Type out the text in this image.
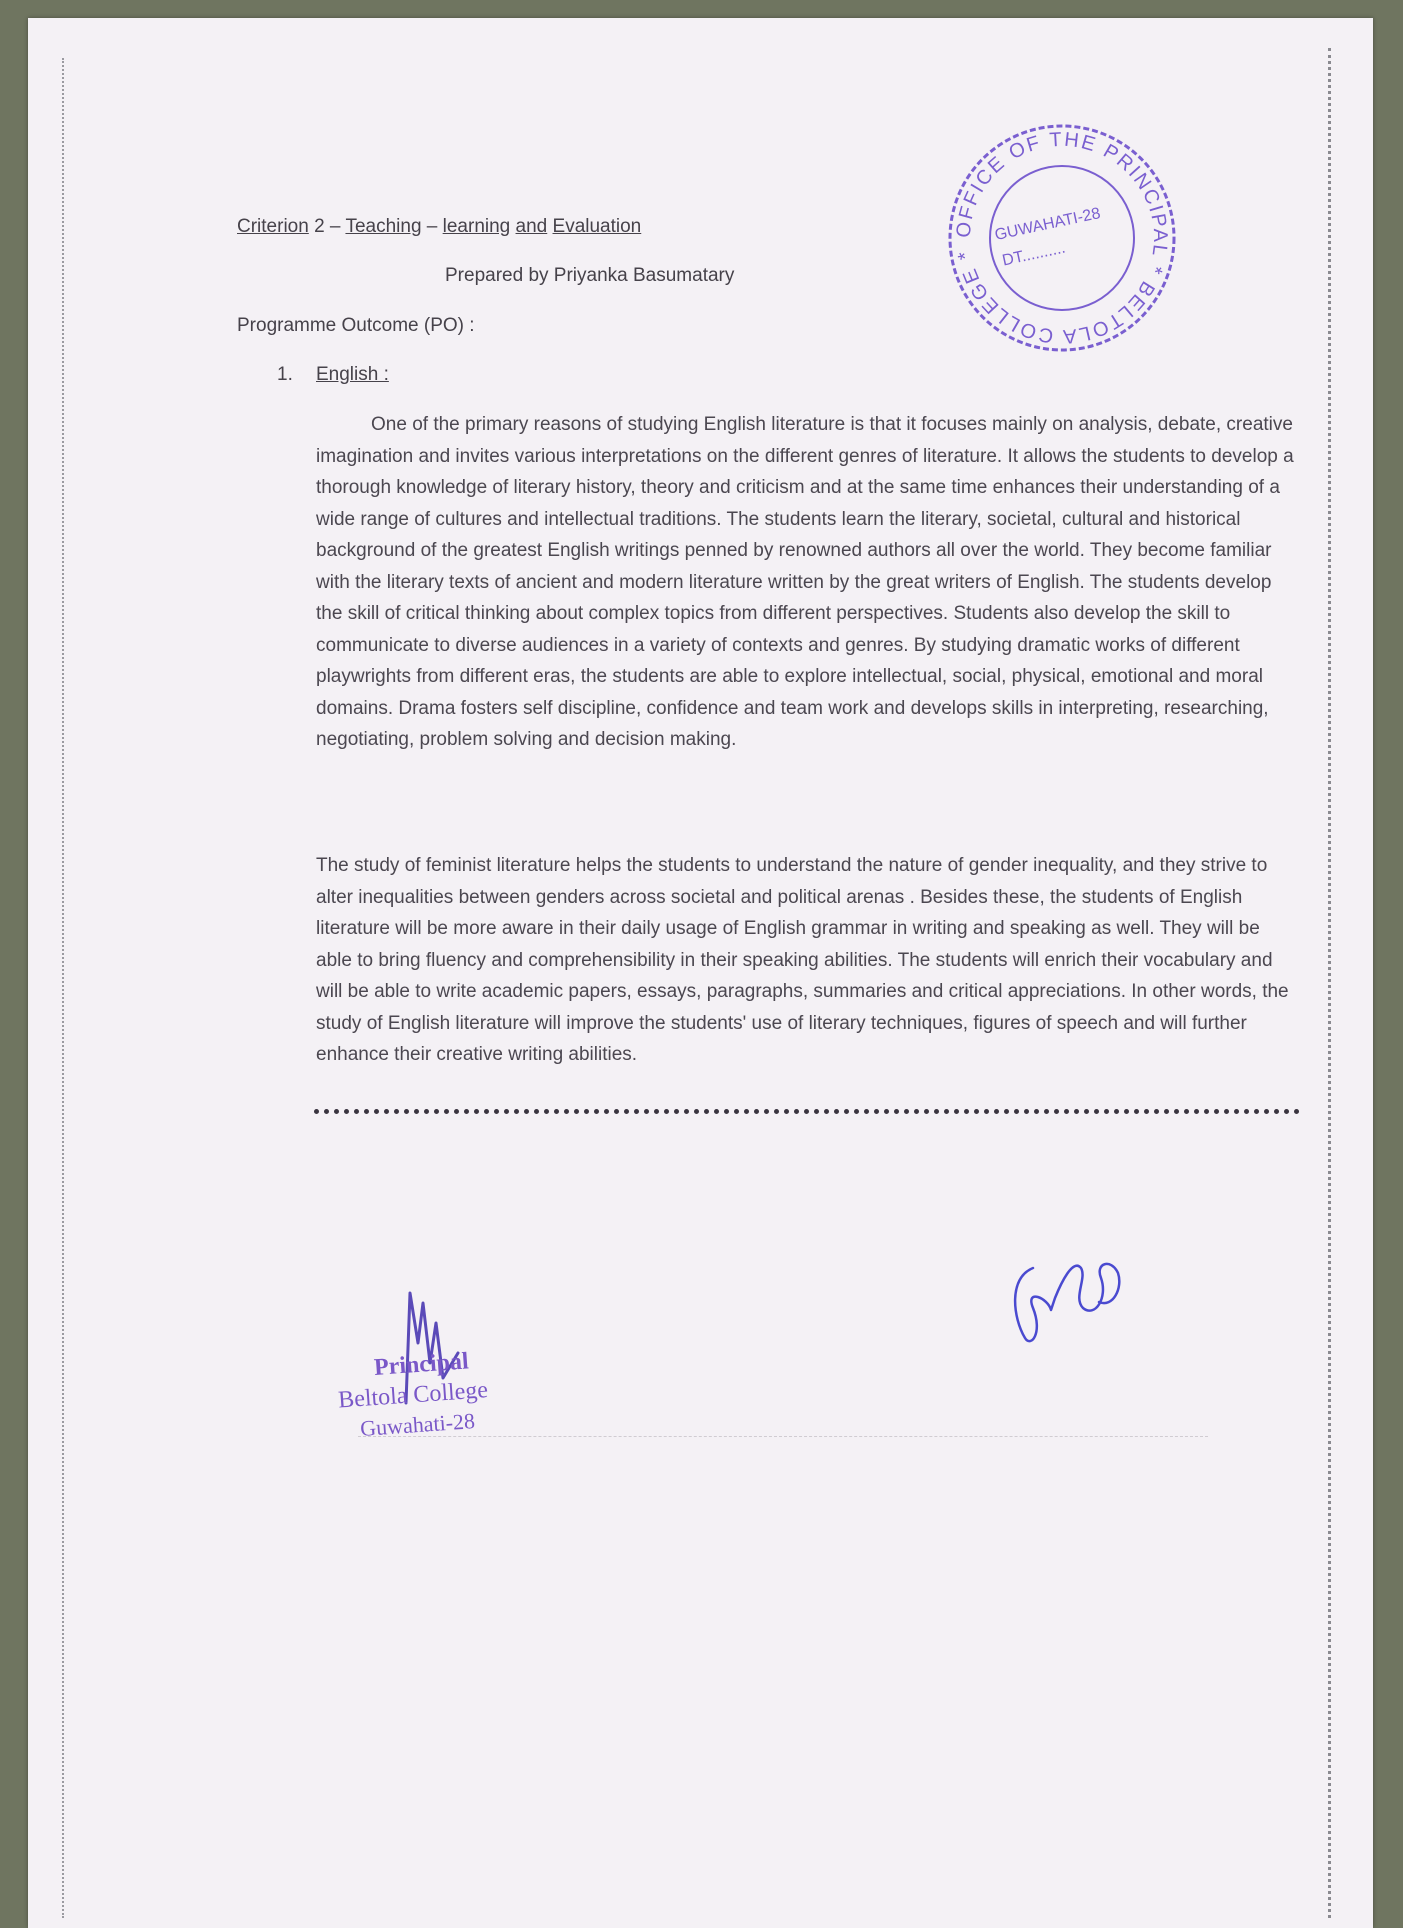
Criterion 2 – Teaching – learning and Evaluation
Prepared by Priyanka Basumatary
Programme Outcome (PO) :
1. English :

One of the primary reasons of studying English literature is that it focuses mainly on analysis, debate, creative imagination and invites various interpretations on the different genres of literature. It allows the students to develop a thorough knowledge of literary history, theory and criticism and at the same time enhances their understanding of a wide range of cultures and intellectual traditions. The students learn the literary, societal, cultural and historical background of the greatest English writings penned by renowned authors all over the world. They become familiar with the literary texts of ancient and modern literature written by the great writers of English. The students develop the skill of critical thinking about complex topics from different perspectives. Students also develop the skill to communicate to diverse audiences in a variety of contexts and genres. By studying dramatic works of different playwrights from different eras, the students are able to explore intellectual, social, physical, emotional and moral domains. Drama fosters self discipline, confidence and team work and develops skills in interpreting, researching, negotiating, problem solving and decision making.

The study of feminist literature helps the students to understand the nature of gender inequality, and they strive to alter inequalities between genders across societal and political arenas . Besides these, the students of English literature will be more aware in their daily usage of English grammar in writing and speaking as well. They will be able to bring fluency and comprehensibility in their speaking abilities. The students will enrich their vocabulary and will be able to write academic papers, essays, paragraphs, summaries and critical appreciations. In other words, the study of English literature will improve the students' use of literary techniques, figures of speech and will further enhance their creative writing abilities.

OFFICE OF THE PRINCIPAL * BELTOLA COLLEGE *
GUWAHATI-28
DT..........
Principal
Beltola College
Guwahati-28
